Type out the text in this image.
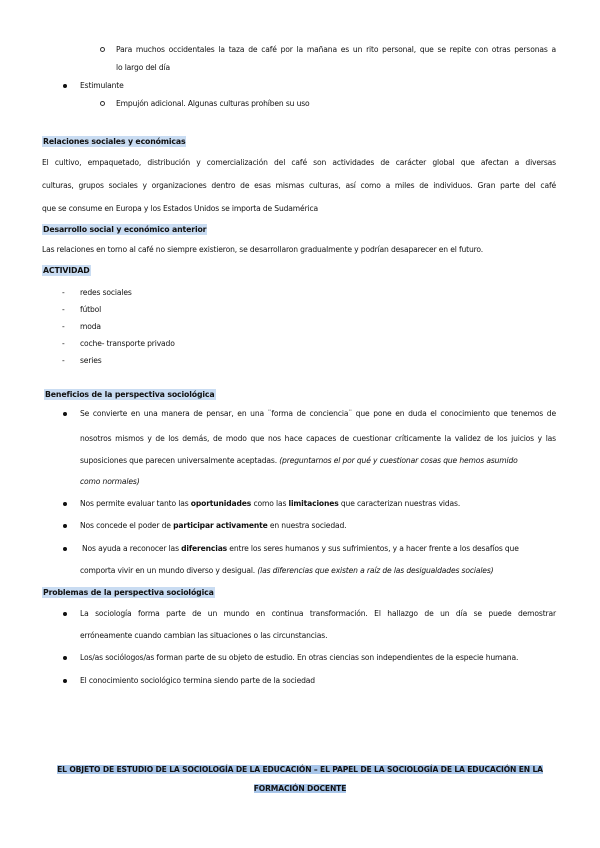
Para muchos occidentales la taza de café por la mañana es un rito personal, que se repite con otras personas a
lo largo del día
Estimulante
Empujón adicional. Algunas culturas prohíben su uso
Relaciones sociales y económicas
El cultivo, empaquetado, distribución y comercialización del café son actividades de carácter global que afectan a diversas
culturas, grupos sociales y organizaciones dentro de esas mismas culturas, así como a miles de individuos. Gran parte del café
que se consume en Europa y los Estados Unidos se importa de Sudamérica
Desarrollo social y económico anterior
Las relaciones en torno al café no siempre existieron, se desarrollaron gradualmente y podrían desaparecer en el futuro.
ACTIVIDAD
- redes sociales
- fútbol
- moda
- coche- transporte privado
- series
Beneficios de la perspectiva sociológica
Se convierte en una manera de pensar, en una ¨forma de conciencia¨ que pone en duda el conocimiento que tenemos de
nosotros mismos y de los demás, de modo que nos hace capaces de cuestionar críticamente la validez de los juicios y las
suposiciones que parecen universalmente aceptadas. (preguntarnos el por qué y cuestionar cosas que hemos asumido
como normales)
Nos permite evaluar tanto las oportunidades como las limitaciones que caracterizan nuestras vidas.
Nos concede el poder de participar activamente en nuestra sociedad.
Nos ayuda a reconocer las diferencias entre los seres humanos y sus sufrimientos, y a hacer frente a los desafíos que
comporta vivir en un mundo diverso y desigual. (las diferencias que existen a raíz de las desigualdades sociales)
Problemas de la perspectiva sociológica
La sociología forma parte de un mundo en continua transformación. El hallazgo de un día se puede demostrar
erróneamente cuando cambian las situaciones o las circunstancias.
Los/as sociólogos/as forman parte de su objeto de estudio. En otras ciencias son independientes de la especie humana.
El conocimiento sociológico termina siendo parte de la sociedad
EL OBJETO DE ESTUDIO DE LA SOCIOLOGÍA DE LA EDUCACIÓN – EL PAPEL DE LA SOCIOLOGÍA DE LA EDUCACIÓN EN LA
FORMACIÓN DOCENTE
